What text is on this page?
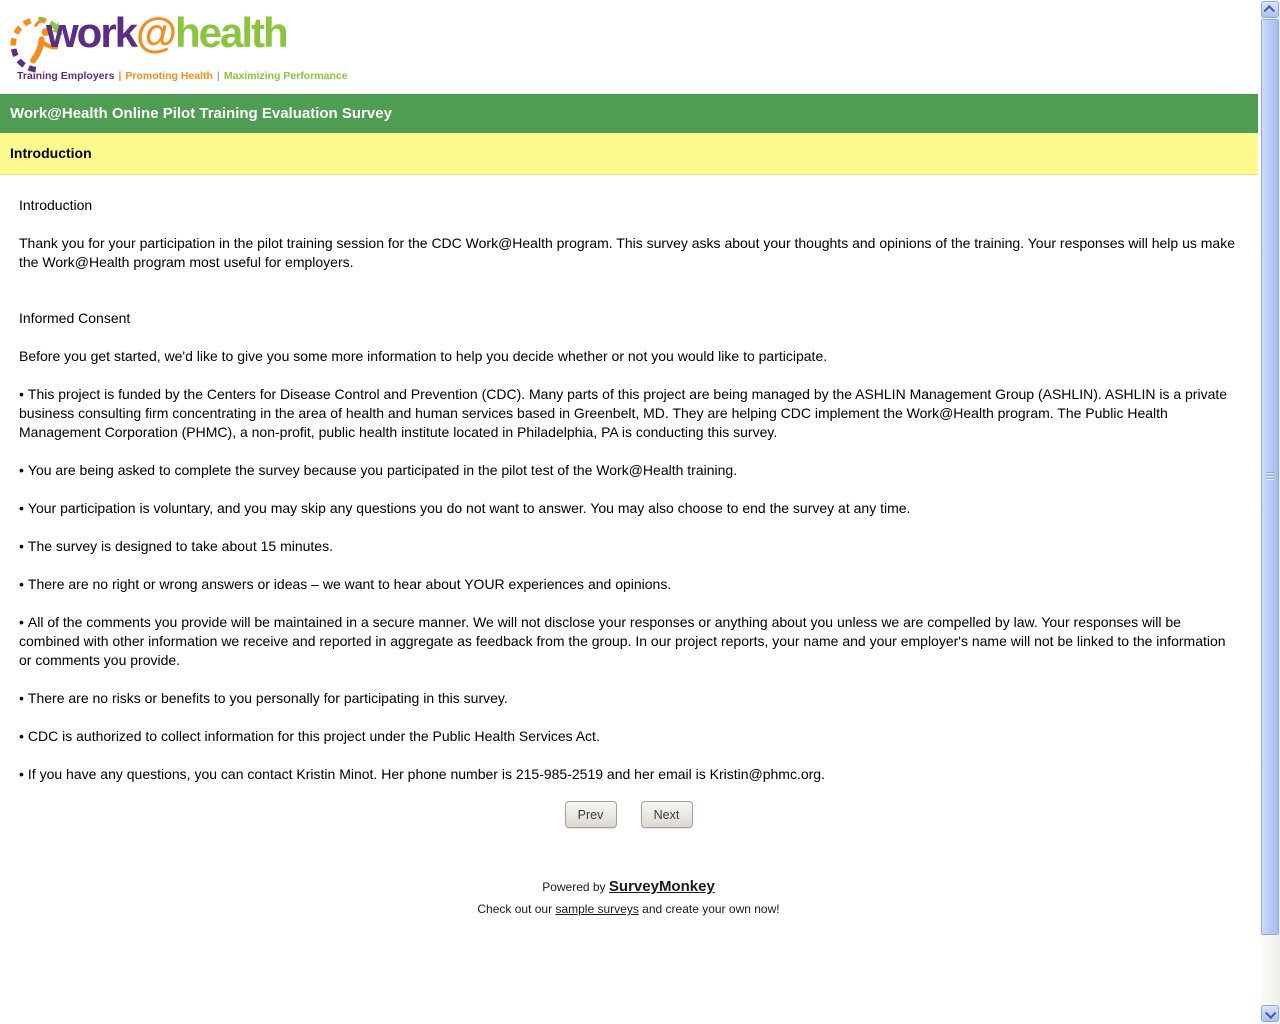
work@health
Training Employers | Promoting Health | Maximizing Performance
Work@Health Online Pilot Training Evaluation Survey
Introduction

Introduction

Thank you for your participation in the pilot training session for the CDC Work@Health program. This survey asks about your thoughts and opinions of the training. Your responses will help us make the Work@Health program most useful for employers.

Informed Consent

Before you get started, we'd like to give you some more information to help you decide whether or not you would like to participate.

• This project is funded by the Centers for Disease Control and Prevention (CDC). Many parts of this project are being managed by the ASHLIN Management Group (ASHLIN). ASHLIN is a private business consulting firm concentrating in the area of health and human services based in Greenbelt, MD. They are helping CDC implement the Work@Health program. The Public Health Management Corporation (PHMC), a non-profit, public health institute located in Philadelphia, PA is conducting this survey.

• You are being asked to complete the survey because you participated in the pilot test of the Work@Health training.

• Your participation is voluntary, and you may skip any questions you do not want to answer. You may also choose to end the survey at any time.

• The survey is designed to take about 15 minutes.

• There are no right or wrong answers or ideas – we want to hear about YOUR experiences and opinions.

• All of the comments you provide will be maintained in a secure manner. We will not disclose your responses or anything about you unless we are compelled by law. Your responses will be combined with other information we receive and reported in aggregate as feedback from the group. In our project reports, your name and your employer's name will not be linked to the information or comments you provide.

• There are no risks or benefits to you personally for participating in this survey.

• CDC is authorized to collect information for this project under the Public Health Services Act.

• If you have any questions, you can contact Kristin Minot. Her phone number is 215-985-2519 and her email is Kristin@phmc.org.

Prev	Next
Powered by SurveyMonkey
Check out our sample surveys and create your own now!
